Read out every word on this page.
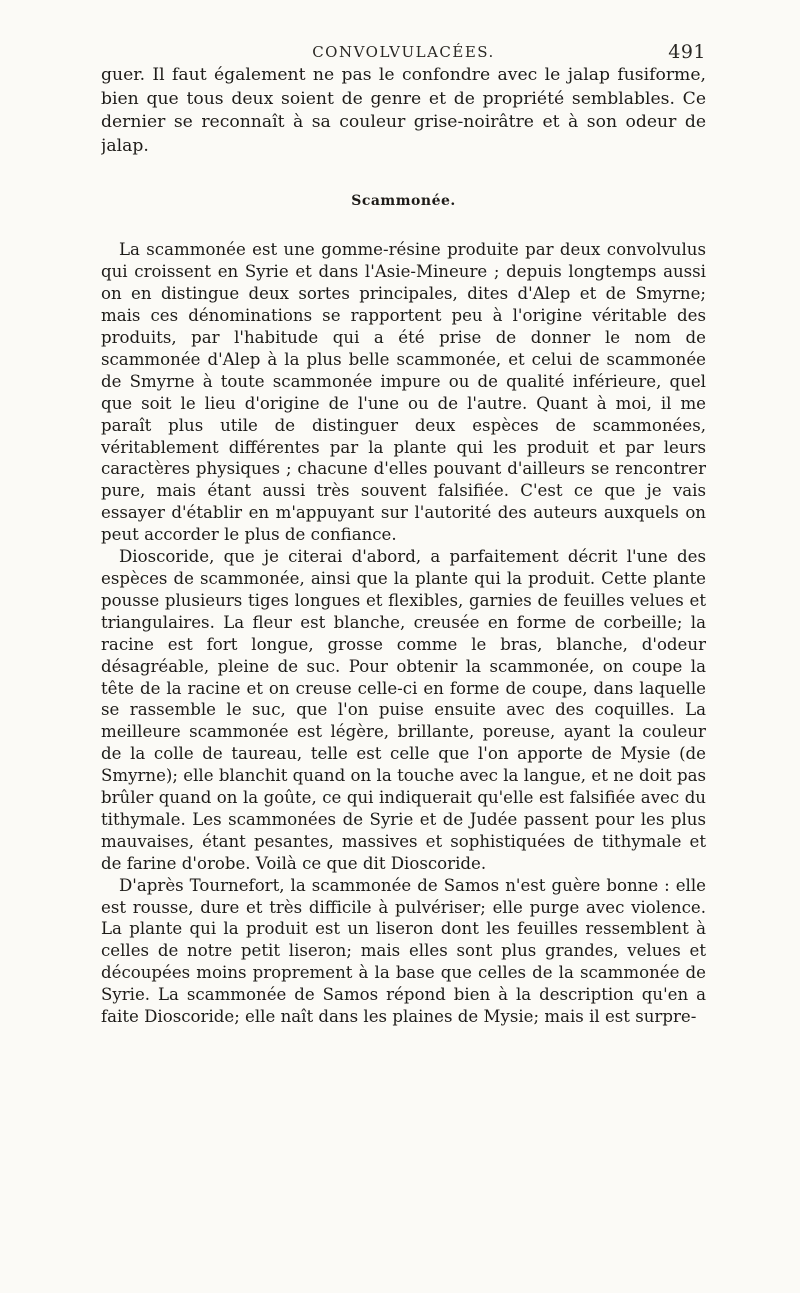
CONVOLVULACÉES.	491

guer. Il faut également ne pas le confondre avec le jalap fusiforme, bien que tous deux soient de genre et de propriété semblables. Ce dernier se reconnaît à sa couleur grise-noirâtre et à son odeur de jalap.

Scammonée.

La scammonée est une gomme-résine produite par deux convolvulus qui croissent en Syrie et dans l'Asie-Mineure ; depuis longtemps aussi on en distingue deux sortes principales, dites d'Alep et de Smyrne; mais ces dénominations se rapportent peu à l'origine véritable des produits, par l'habitude qui a été prise de donner le nom de scammonée d'Alep à la plus belle scammonée, et celui de scammonée de Smyrne à toute scammonée impure ou de qualité inférieure, quel que soit le lieu d'origine de l'une ou de l'autre. Quant à moi, il me paraît plus utile de distinguer deux espèces de scammonées, véritablement différentes par la plante qui les produit et par leurs caractères physiques ; chacune d'elles pouvant d'ailleurs se rencontrer pure, mais étant aussi très souvent falsifiée. C'est ce que je vais essayer d'établir en m'appuyant sur l'autorité des auteurs auxquels on peut accorder le plus de confiance.

Dioscoride, que je citerai d'abord, a parfaitement décrit l'une des espèces de scammonée, ainsi que la plante qui la produit. Cette plante pousse plusieurs tiges longues et flexibles, garnies de feuilles velues et triangulaires. La fleur est blanche, creusée en forme de corbeille; la racine est fort longue, grosse comme le bras, blanche, d'odeur désagréable, pleine de suc. Pour obtenir la scammonée, on coupe la tête de la racine et on creuse celle-ci en forme de coupe, dans laquelle se rassemble le suc, que l'on puise ensuite avec des coquilles. La meilleure scammonée est légère, brillante, poreuse, ayant la couleur de la colle de taureau, telle est celle que l'on apporte de Mysie (de Smyrne); elle blanchit quand on la touche avec la langue, et ne doit pas brûler quand on la goûte, ce qui indiquerait qu'elle est falsifiée avec du tithymale. Les scammonées de Syrie et de Judée passent pour les plus mauvaises, étant pesantes, massives et sophistiquées de tithymale et de farine d'orobe. Voilà ce que dit Dioscoride.

D'après Tournefort, la scammonée de Samos n'est guère bonne : elle est rousse, dure et très difficile à pulvériser; elle purge avec violence. La plante qui la produit est un liseron dont les feuilles ressemblent à celles de notre petit liseron; mais elles sont plus grandes, velues et découpées moins proprement à la base que celles de la scammonée de Syrie. La scammonée de Samos répond bien à la description qu'en a faite Dioscoride; elle naît dans les plaines de Mysie; mais il est surpre-
